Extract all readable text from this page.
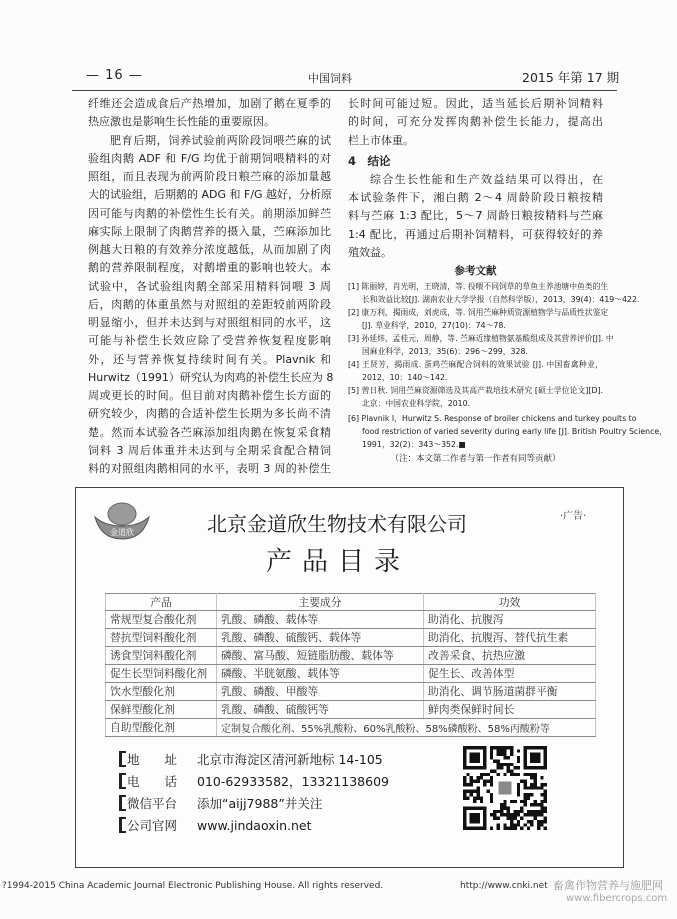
— 16 —	中国饲料	2015 年第 17 期
纤维还会造成食后产热增加，加剧了鹅在夏季的
热应激也是影响生长性能的重要原因。
肥育后期，饲养试验前两阶段饲喂苎麻的试
验组肉鹅 ADF 和 F/G 均优于前期饲喂精料的对
照组，而且表现为前两阶段日粮苎麻的添加量越
大的试验组，后期鹅的 ADG 和 F/G 越好，分析原
因可能与肉鹅的补偿性生长有关。前期添加鲜苎
麻实际上限制了肉鹅营养的摄入量，苎麻添加比
例越大日粮的有效养分浓度越低，从而加剧了肉
鹅的营养限制程度，对鹅增重的影响也较大。本
试验中，各试验组肉鹅全部采用精料饲喂 3 周
后，肉鹅的体重虽然与对照组的差距较前两阶段
明显缩小，但并未达到与对照组相同的水平，这
可能与补偿生长效应除了受营养恢复程度影响
外，还与营养恢复持续时间有关。Plavnik 和
Hurwitz（1991）研究认为肉鸡的补偿生长应为 8
周或更长的时间。但目前对肉鹅补偿生长方面的
研究较少，肉鹅的合适补偿生长期为多长尚不清
楚。然而本试验各苎麻添加组肉鹅在恢复采食精
饲料 3 周后体重并未达到与全期采食配合精饲
料的对照组肉鹅相同的水平，表明 3 周的补偿生
长时间可能过短。因此，适当延长后期补饲精料
的时间，可充分发挥肉鹅补偿生长能力，提高出
栏上市体重。
4　结论
综合生长性能和生产效益结果可以得出，在
本试验条件下，湘白鹅 2～4 周龄阶段日粮按精
料与苎麻 1:3 配比，5～7 周龄日粮按精料与苎麻
1:4 配比，再通过后期补饲精料，可获得较好的养
殖效益。
参考文献
[1] 陈丽婷，肖光明，王晓清，等. 投喂不同饲草的草鱼主养池塘中鱼类的生
长和效益比较[J]. 湖南农业大学学报（自然科学版），2013，39(4)：419～422.
[2] 康万利，揭雨成，刘虎成，等. 饲用苎麻种质资源植物学与品质性状鉴定
[J]. 草业科学，2010，27(10)：74～78.
[3] 孙延炜，孟桂元，周静，等. 苎麻近缘植物氨基酸组成及其营养评价[J]. 中
国麻业科学，2013，35(6)：296～299，328.
[4] 王贤芳，揭雨成. 蛋鸡苎麻配合饲料的效果试验 [J]. 中国畜禽种业，
2012，10：140～142.
[5] 曾日秋. 饲用苎麻资源筛选及其高产栽培技术研究 [硕士学位论文][D].
北京：中国农业科学院，2010.
[6] Plavnik I，Hurwitz S. Response of broiler chickens and turkey poults to
food restriction of varied severity during early life [J]. British Poultry Science，
1991，32(2)：343～352.■
（注：本文第二作者与第一作者有同等贡献）
金道欣
·广告·
北京金道欣生物技术有限公司
产品目录
产品	主要成分	功效
常规型复合酸化剂	乳酸、磷酸、载体等	助消化、抗腹泻
替抗型饲料酸化剂	乳酸、磷酸、硫酸钙、载体等	助消化、抗腹泻、替代抗生素
诱食型饲料酸化剂	磷酸、富马酸、短链脂肪酸、载体等	改善采食、抗热应激
促生长型饲料酸化剂	磷酸、半胱氨酸、载体等	促生长、改善体型
饮水型酸化剂	乳酸、磷酸、甲酸等	助消化、调节肠道菌群平衡
保鲜型酸化剂	乳酸、磷酸、硫酸钙等	鲜肉类保鲜时间长
自助型酸化剂	定制复合酸化剂、55%乳酸粉、60%乳酸粉、58%磷酸粉、58%丙酸粉等	
地　　址	北京市海淀区清河新地标 14-105
电　　话	010-62933582，13321138609
微信平台	添加“aijj7988”并关注
公司官网	www.jindaoxin.net
?1994-2015 China Academic Journal Electronic Publishing House. All rights reserved.	http://www.cnki.net 畜禽作物营养与施肥网
www.fibercrops.com
